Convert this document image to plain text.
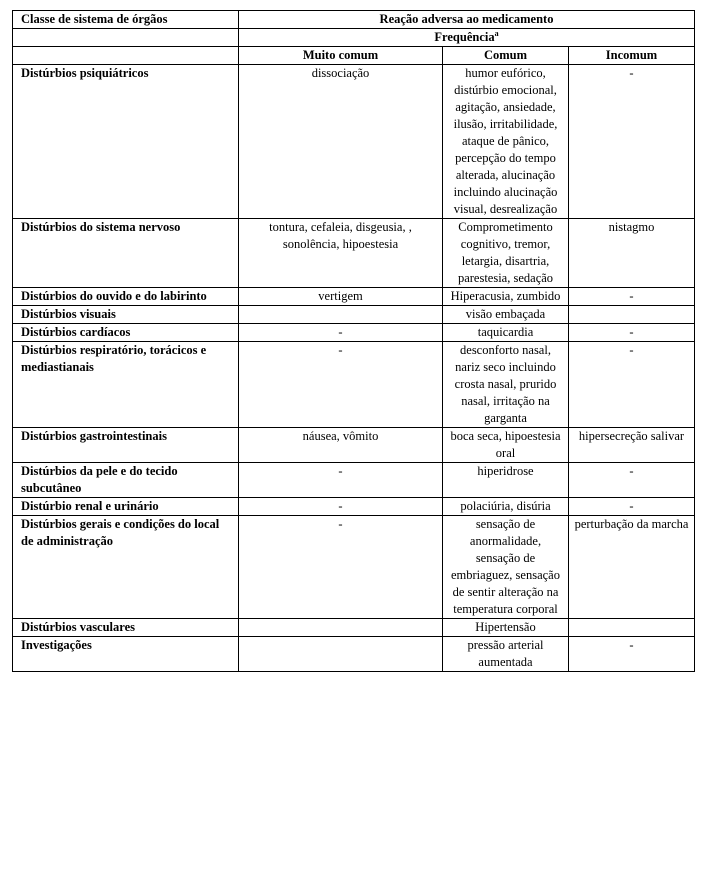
Classe de sistema de órgãos	Reação adversa ao medicamento		
	Frequência$^a$
	Muito comum	Comum	Incomum
Distúrbios psiquiátricos	dissociação	humor eufórico, distúrbio emocional, agitação, ansiedade, ilusão, irritabilidade, ataque de pânico, percepção do tempo alterada, alucinação incluindo alucinação visual, desrealização	-
Distúrbios do sistema nervoso	tontura, cefaleia, disgeusia, , sonolência, hipoestesia	Comprometimento cognitivo, tremor, letargia, disartria, parestesia, sedação	nistagmo
Distúrbios do ouvido e do labirinto	vertigem	Hiperacusia, zumbido	-
Distúrbios visuais		visão embaçada	
Distúrbios cardíacos	-	taquicardia	-
Distúrbios respiratório, torácicos e mediastianais	-	desconforto nasal, nariz seco incluindo crosta nasal, prurido nasal, irritação na garganta	-
Distúrbios gastrointestinais	náusea, vômito	boca seca, hipoestesia oral	hipersecreção salivar
Distúrbios da pele e do tecido subcutâneo	-	hiperidrose	-
Distúrbio renal e urinário	-	polaciúria, disúria	-
Distúrbios gerais e condições do local de administração	-	sensação de anormalidade, sensação de embriaguez, sensação de sentir alteração na temperatura corporal	perturbação da marcha
Distúrbios vasculares		Hipertensão	
Investigações		pressão arterial aumentada	-
